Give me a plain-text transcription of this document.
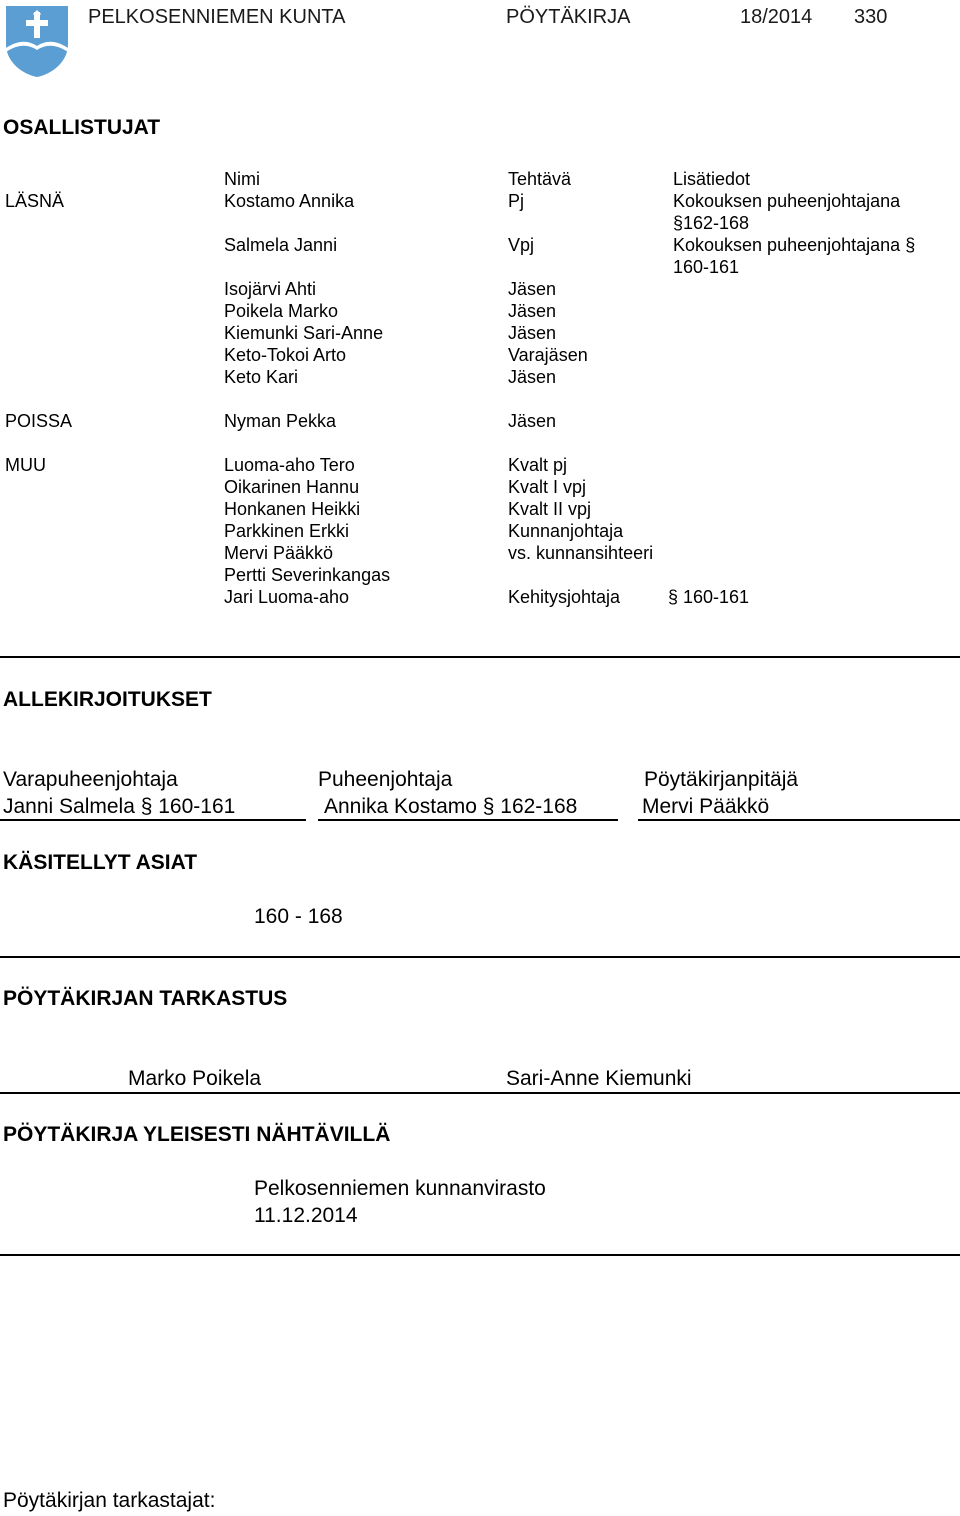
PELKOSENNIEMEN KUNTA	PÖYTÄKIRJA	18/2014 330
OSALLISTUJAT
Nimi	Tehtävä	Lisätiedot
LÄSNÄ	Kostamo Annika	Pj	Kokouksen puheenjohtajana
§162-168
Salmela Janni	Vpj	Kokouksen puheenjohtajana §
160-161
Isojärvi Ahti	Jäsen
Poikela Marko	Jäsen
Kiemunki Sari-Anne	Jäsen
Keto-Tokoi Arto	Varajäsen
Keto Kari	Jäsen
POISSA	Nyman Pekka	Jäsen
MUU	Luoma-aho Tero	Kvalt pj
Oikarinen Hannu	Kvalt I vpj
Honkanen Heikki	Kvalt II vpj
Parkkinen Erkki	Kunnanjohtaja
Mervi Pääkkö	vs. kunnansihteeri
Pertti Severinkangas
Jari Luoma-aho	Kehitysjohtaja	§ 160-161
ALLEKIRJOITUKSET
Varapuheenjohtaja	Puheenjohtaja	Pöytäkirjanpitäjä
Janni Salmela § 160-161	Annika Kostamo § 162-168	Mervi Pääkkö
KÄSITELLYT ASIAT
160 - 168
PÖYTÄKIRJAN TARKASTUS
Marko Poikela	Sari-Anne Kiemunki
PÖYTÄKIRJA YLEISESTI NÄHTÄVILLÄ
Pelkosenniemen kunnanvirasto
11.12.2014
Pöytäkirjan tarkastajat:
